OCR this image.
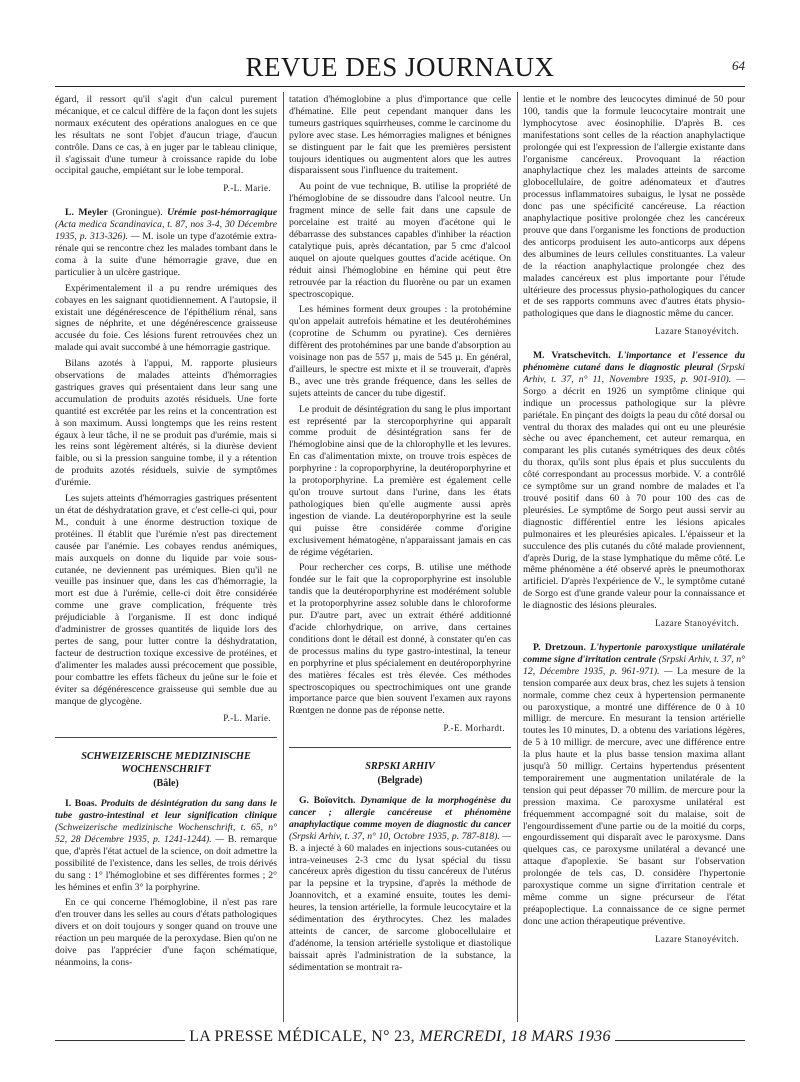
REVUE DES JOURNAUX	64

égard, il ressort qu'il s'agit d'un calcul purement mécanique, et ce calcul diffère de la façon dont les sujets normaux exécutent des opérations analogues en ce que les résultats ne sont l'objet d'aucun triage, d'aucun contrôle. Dans ce cas, à en juger par le tableau clinique, il s'agissait d'une tumeur à croissance rapide du lobe occipital gauche, empiétant sur le lobe temporal.

P.-L. Marie.

L. Meyler (Groningue). Urémie post-hémorragique (Acta medica Scandinavica, t. 87, nos 3-4, 30 Décembre 1935, p. 313-326). — M. isole un type d'azotémie extra-rénale qui se rencontre chez les malades tombant dans le coma à la suite d'une hémorragie grave, due en particulier à un ulcère gastrique.

Expérimentalement il a pu rendre urémiques des cobayes en les saignant quotidiennement. A l'autopsie, il existait une dégénérescence de l'épithélium rénal, sans signes de néphrite, et une dégénérescence graisseuse accusée du foie. Ces lésions furent retrouvées chez un malade qui avait succombé à une hémorragie gastrique.

Bilans azotés à l'appui, M. rapporte plusieurs observations de malades atteints d'hémorragies gastriques graves qui présentaient dans leur sang une accumulation de produits azotés résiduels. Une forte quantité est excrétée par les reins et la concentration est à son maximum. Aussi longtemps que les reins restent égaux à leur tâche, il ne se produit pas d'urémie, mais si les reins sont légèrement altérés, si la diurèse devient faible, ou si la pression sanguine tombe, il y a rétention de produits azotés résiduels, suivie de symptômes d'urémie.

Les sujets atteints d'hémorragies gastriques présentent un état de déshydratation grave, et c'est celle-ci qui, pour M., conduit à une énorme destruction toxique de protéines. Il établit que l'urémie n'est pas directement causée par l'anémie. Les cobayes rendus anémiques, mais auxquels on donne du liquide par voie sous-cutanée, ne deviennent pas urémiques. Bien qu'il ne veuille pas insinuer que, dans les cas d'hémorragie, la mort est due à l'urémie, celle-ci doit être considérée comme une grave complication, fréquente très préjudiciable à l'organisme. Il est donc indiqué d'administrer de grosses quantités de liquide lors des pertes de sang, pour lutter contre la déshydratation, facteur de destruction toxique excessive de protéines, et d'alimenter les malades aussi précocement que possible, pour combattre les effets fâcheux du jeûne sur le foie et éviter sa dégénérescence graisseuse qui semble due au manque de glycogène.

P.-L. Marie.
SCHWEIZERISCHE MEDIZINISCHE WOCHENSCHRIFT
(Bâle)

I. Boas. Produits de désintégration du sang dans le tube gastro-intestinal et leur signification clinique (Schweizerische medizinische Wochenschrift, t. 65, n° 52, 28 Décembre 1935, p. 1241-1244). — B. remarque que, d'après l'état actuel de la science, on doit admettre la possibilité de l'existence, dans les selles, de trois dérivés du sang : 1° l'hémoglobine et ses différentes formes ; 2° les hémines et enfin 3° la porphyrine.

En ce qui concerne l'hémoglobine, il n'est pas rare d'en trouver dans les selles au cours d'états pathologiques divers et on doit toujours y songer quand on trouve une réaction un peu marquée de la peroxydase. Bien qu'on ne doive pas l'apprécier d'une façon schématique, néanmoins, la cons-

tatation d'hémoglobine a plus d'importance que celle d'hématine. Elle peut cependant manquer dans les tumeurs gastriques squirrheuses, comme le carcinome du pylore avec stase. Les hémorragies malignes et bénignes se distinguent par le fait que les premières persistent toujours identiques ou augmentent alors que les autres disparaissent sous l'influence du traitement.

Au point de vue technique, B. utilise la propriété de l'hémoglobine de se dissoudre dans l'alcool neutre. Un fragment mince de selle fait dans une capsule de porcelaine est traité au moyen d'acétone qui le débarrasse des substances capables d'inhiber la réaction catalytique puis, après décantation, par 5 cmc d'alcool auquel on ajoute quelques gouttes d'acide acétique. On réduit ainsi l'hémoglobine en hémine qui peut être retrouvée par la réaction du fluorène ou par un examen spectroscopique.

Les hémines forment deux groupes : la protohémine qu'on appelait autrefois hématine et les deutérohémines (coprotine de Schumm ou pyratine). Ces dernières diffèrent des protohémines par une bande d'absorption au voisinage non pas de 557 µ, mais de 545 µ. En général, d'ailleurs, le spectre est mixte et il se trouverait, d'après B., avec une très grande fréquence, dans les selles de sujets atteints de cancer du tube digestif.

Le produit de désintégration du sang le plus important est représenté par la stercoporphyrine qui apparaît comme produit de désintégration sans fer de l'hémoglobine ainsi que de la chlorophylle et les levures. En cas d'alimentation mixte, on trouve trois espèces de porphyrine : la coproporphyrine, la deutéroporphyrine et la protoporphyrine. La première est également celle qu'on trouve surtout dans l'urine, dans les états pathologiques bien qu'elle augmente aussi après ingestion de viande. La deutéroporphyrine est la seule qui puisse être considérée comme d'origine exclusivement hématogène, n'apparaissant jamais en cas de régime végétarien.

Pour rechercher ces corps, B. utilise une méthode fondée sur le fait que la coproporphyrine est insoluble tandis que la deutéroporphyrine est modérément soluble et la protoporphyrine assez soluble dans le chloroforme pur. D'autre part, avec un extrait éthéré additionné d'acide chlorhydrique, on arrive, dans certaines conditions dont le détail est donné, à constater qu'en cas de processus malins du type gastro-intestinal, la teneur en porphyrine et plus spécialement en deutéroporphyrine des matières fécales est très élevée. Ces méthodes spectroscopiques ou spectrochimiques ont une grande importance parce que bien souvent l'examen aux rayons Rœntgen ne donne pas de réponse nette.

P.-E. Morhardt.
SRPSKI ARHIV
(Belgrade)

G. Boïovitch. Dynamique de la morphogénèse du cancer ; allergie cancéreuse et phénomène anaphylactique comme moyen de diagnostic du cancer (Srpski Arhiv, t. 37, n° 10, Octobre 1935, p. 787-818). — B. a injecté à 60 malades en injections sous-cutanées ou intra-veineuses 2-3 cmc du lysat spécial du tissu cancéreux après digestion du tissu cancéreux de l'utérus par la pepsine et la trypsine, d'après la méthode de Joannovitch, et a examiné ensuite, toutes les demi-heures, la tension artérielle, la formule leucocytaire et la sédimentation des érythrocytes. Chez les malades atteints de cancer, de sarcome globocellulaire et d'adénome, la tension artérielle systolique et diastolique baissait après l'administration de la substance, la sédimentation se montrait ra-

lentie et le nombre des leucocytes diminué de 50 pour 100, tandis que la formule leucocytaire montrait une lymphocytose avec éosinophilie. D'après B. ces manifestations sont celles de la réaction anaphylactique prolongée qui est l'expression de l'allergie existante dans l'organisme cancéreux. Provoquant la réaction anaphylactique chez les malades atteints de sarcome globocellulaire, de goitre adénomateux et d'autres processus inflammatoires subaigus, le lysat ne possède donc pas une spécificité cancéreuse. La réaction anaphylactique positive prolongée chez les cancéreux prouve que dans l'organisme les fonctions de production des anticorps produisent les auto-anticorps aux dépens des albumines de leurs cellules constituantes. La valeur de la réaction anaphylactique prolongée chez des malades cancéreux est plus importante pour l'étude ultérieure des processus physio-pathologiques du cancer et de ses rapports communs avec d'autres états physio-pathologiques que dans le diagnostic même du cancer.

Lazare Stanoyévitch.

M. Vratschevitch. L'importance et l'essence du phénomène cutané dans le diagnostic pleural (Srpski Arhiv, t. 37, n° 11, Novembre 1935, p. 901-910). — Sorgo a décrit en 1926 un symptôme clinique qui indique un processus pathologique sur la plèvre pariétale. En pinçant des doigts la peau du côté dorsal ou ventral du thorax des malades qui ont eu une pleurésie sèche ou avec épanchement, cet auteur remarqua, en comparant les plis cutanés symétriques des deux côtés du thorax, qu'ils sont plus épais et plus succulents du côté correspondant au processus morbide. V. a contrôlé ce symptôme sur un grand nombre de malades et l'a trouvé positif dans 60 à 70 pour 100 des cas de pleurésies. Le symptôme de Sorgo peut aussi servir au diagnostic différentiel entre les lésions apicales pulmonaires et les pleurésies apicales. L'épaisseur et la succulence des plis cutanés du côté malade proviennent, d'après Durig, de la stase lymphatique du même côté. Le même phénomène a été observé après le pneumothorax artificiel. D'après l'expérience de V., le symptôme cutané de Sorgo est d'une grande valeur pour la connaissance et le diagnostic des lésions pleurales.

Lazare Stanoyévitch.

P. Dretzoun. L'hypertonie paroxystique unilatérale comme signe d'irritation centrale (Srpski Arhiv, t. 37, n° 12, Décembre 1935, p. 961-971). — La mesure de la tension comparée aux deux bras, chez les sujets à tension normale, comme chez ceux à hypertension permanente ou paroxystique, a montré une différence de 0 à 10 milligr. de mercure. En mesurant la tension artérielle toutes les 10 minutes, D. a obtenu des variations légères, de 5 à 10 milligr. de mercure, avec une différence entre la plus haute et la plus basse tension maxima allant jusqu'à 50 milligr. Certains hypertendus présentent temporairement une augmentation unilatérale de la tension qui peut dépasser 70 millim. de mercure pour la pression maxima. Ce paroxysme unilatéral est fréquemment accompagné soit du malaise, soit de l'engourdissement d'une partie ou de la moitié du corps, engourdissement qui disparaît avec le paroxysme. Dans quelques cas, ce paroxysme unilatéral a devancé une attaque d'apoplexie. Se basant sur l'observation prolongée de tels cas, D. considère l'hypertonie paroxystique comme un signe d'irritation centrale et même comme un signe précurseur de l'état préapoplectique. La connaissance de ce signe permet donc une action thérapeutique préventive.

Lazare Stanoyévitch.
LA PRESSE MÉDICALE, N° 23, MERCREDI, 18 MARS 1936
